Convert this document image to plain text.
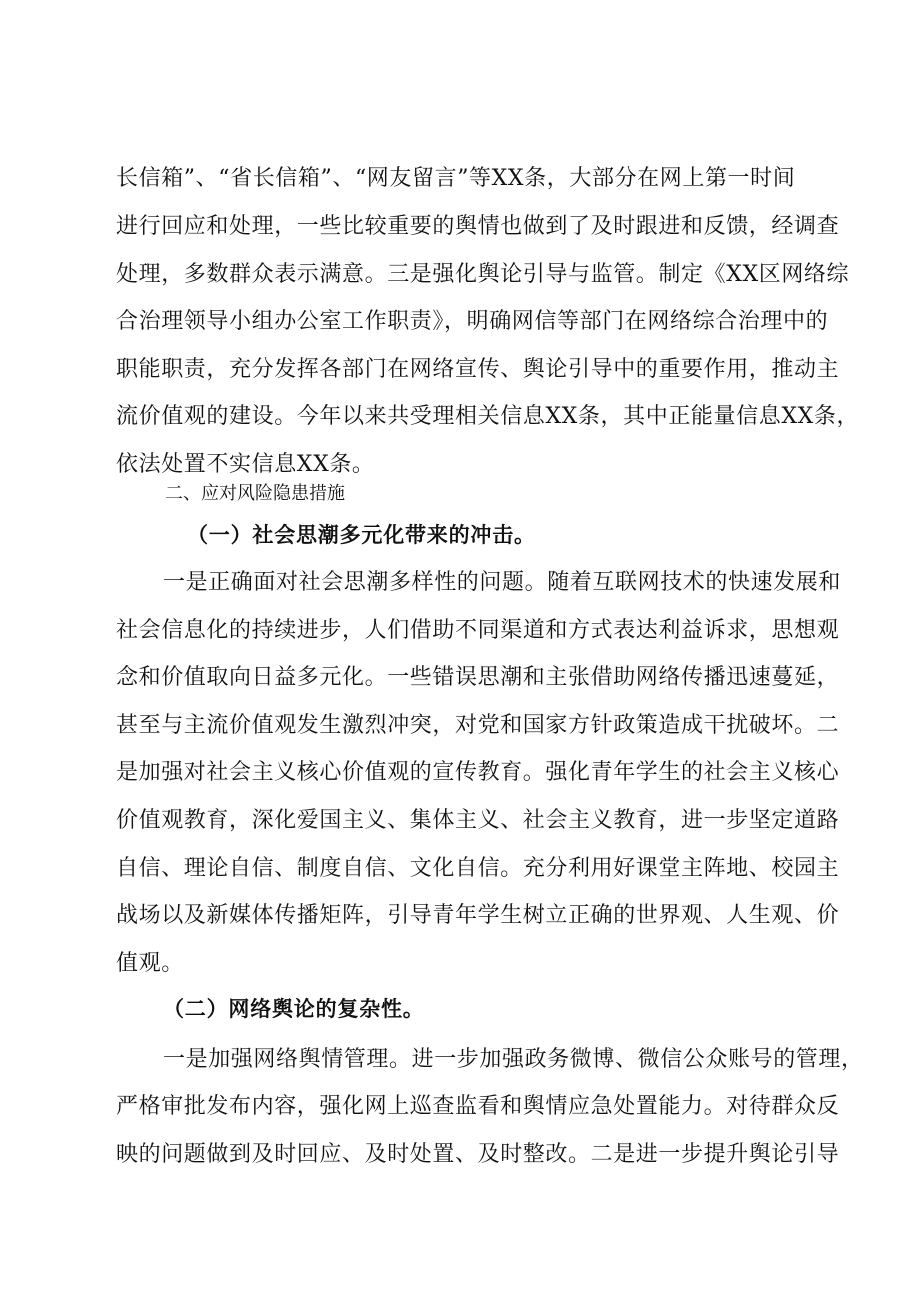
长信箱”、“省长信箱”、“网友留言”等XX条，大部分在网上第一时间
进行回应和处理，一些比较重要的舆情也做到了及时跟进和反馈，经调查
处理，多数群众表示满意。三是强化舆论引导与监管。制定《XX区网络综
合治理领导小组办公室工作职责》，明确网信等部门在网络综合治理中的
职能职责，充分发挥各部门在网络宣传、舆论引导中的重要作用，推动主
流价值观的建设。今年以来共受理相关信息XX条，其中正能量信息XX条，
依法处置不实信息XX条。
二、应对风险隐患措施
（一）社会思潮多元化带来的冲击。
一是正确面对社会思潮多样性的问题。随着互联网技术的快速发展和
社会信息化的持续进步，人们借助不同渠道和方式表达利益诉求，思想观
念和价值取向日益多元化。一些错误思潮和主张借助网络传播迅速蔓延，
甚至与主流价值观发生激烈冲突，对党和国家方针政策造成干扰破坏。二
是加强对社会主义核心价值观的宣传教育。强化青年学生的社会主义核心
价值观教育，深化爱国主义、集体主义、社会主义教育，进一步坚定道路
自信、理论自信、制度自信、文化自信。充分利用好课堂主阵地、校园主
战场以及新媒体传播矩阵，引导青年学生树立正确的世界观、人生观、价
值观。
（二）网络舆论的复杂性。
一是加强网络舆情管理。进一步加强政务微博、微信公众账号的管理，
严格审批发布内容，强化网上巡查监看和舆情应急处置能力。对待群众反
映的问题做到及时回应、及时处置、及时整改。二是进一步提升舆论引导
